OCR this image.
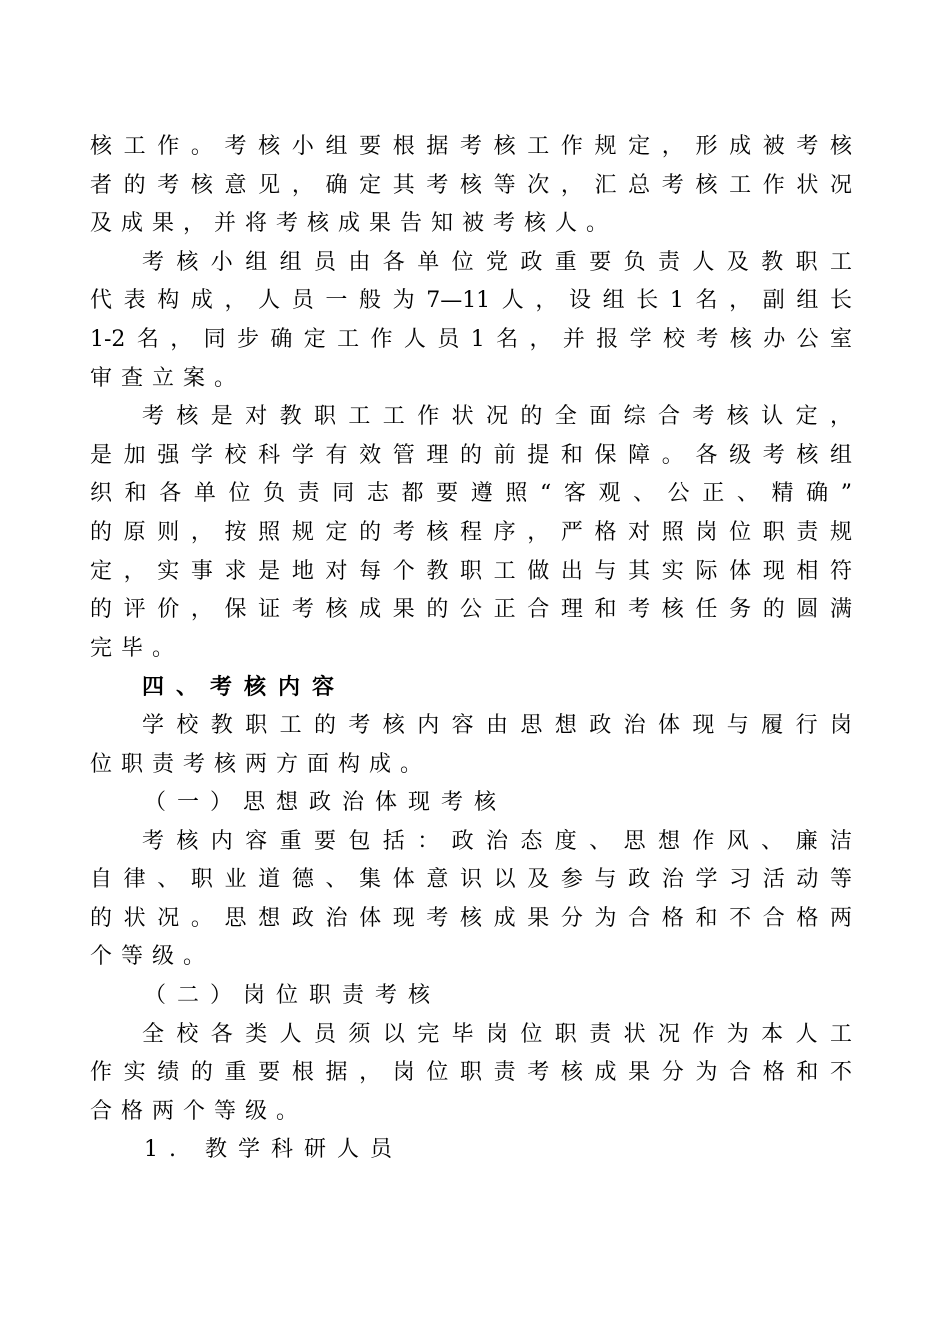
核工作。考核小组要根据考核工作规定，形成被考核
者的考核意见，确定其考核等次，汇总考核工作状况
及成果，并将考核成果告知被考核人。
考核小组组员由各单位党政重要负责人及教职工
代表构成，人员一般为7—11人，设组长1名，副组长
1-2名，同步确定工作人员1名，并报学校考核办公室
审查立案。
考核是对教职工工作状况的全面综合考核认定，
是加强学校科学有效管理的前提和保障。各级考核组
织和各单位负责同志都要遵照“客观、公正、精确”
的原则，按照规定的考核程序，严格对照岗位职责规
定，实事求是地对每个教职工做出与其实际体现相符
的评价，保证考核成果的公正合理和考核任务的圆满
完毕。
四、考核内容
学校教职工的考核内容由思想政治体现与履行岗
位职责考核两方面构成。
（一）思想政治体现考核
考核内容重要包括：政治态度、思想作风、廉洁
自律、职业道德、集体意识以及参与政治学习活动等
的状况。思想政治体现考核成果分为合格和不合格两
个等级。
（二）岗位职责考核
全校各类人员须以完毕岗位职责状况作为本人工
作实绩的重要根据，岗位职责考核成果分为合格和不
合格两个等级。
1. 教学科研人员
